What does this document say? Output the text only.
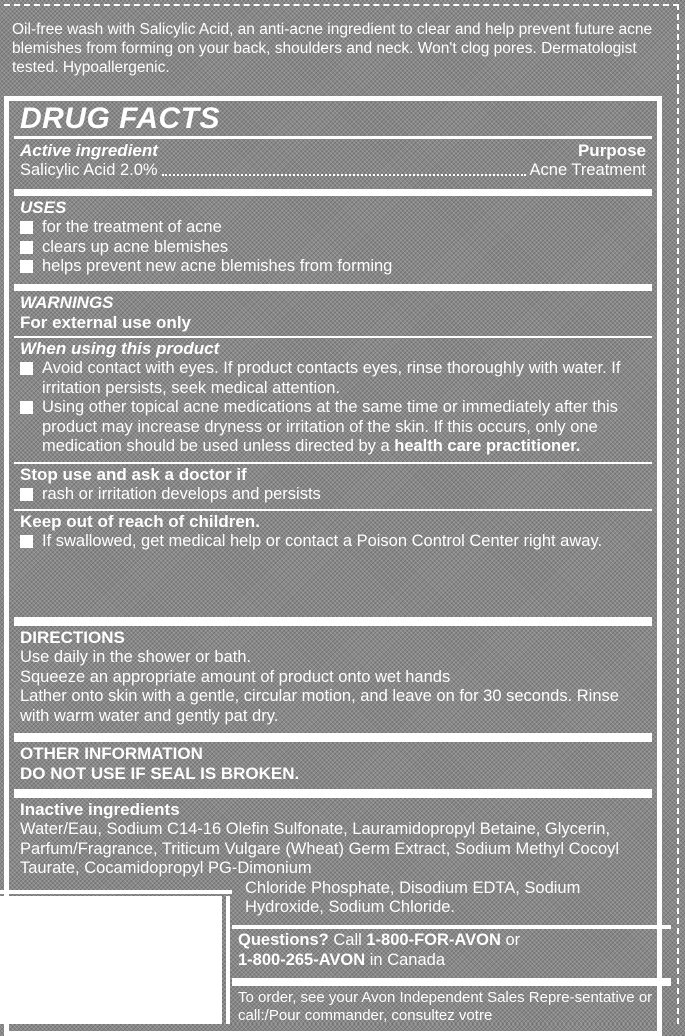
Oil-free wash with Salicylic Acid, an anti-acne ingredient to clear and help prevent future acne blemishes from forming on your back, shoulders and neck. Won't clog pores. Dermatologist tested. Hypoallergenic.
DRUG FACTS
Active ingredient	Purpose
Salicylic Acid 2.0%	Acne Treatment
USES
for the treatment of acne
clears up acne blemishes
helps prevent new acne blemishes from forming
WARNINGS
For external use only
When using this product
Avoid contact with eyes. If product contacts eyes, rinse thoroughly with water. If irritation persists, seek medical attention.
Using other topical acne medications at the same time or immediately after this product may increase dryness or irritation of the skin. If this occurs, only one medication should be used unless directed by a health care practitioner.
Stop use and ask a doctor if
rash or irritation develops and persists
Keep out of reach of children.
If swallowed, get medical help or contact a Poison Control Center right away.
DIRECTIONS
Use daily in the shower or bath.
Squeeze an appropriate amount of product onto wet hands
Lather onto skin with a gentle, circular motion, and leave on for 30 seconds. Rinse with warm water and gently pat dry.
OTHER INFORMATION
DO NOT USE IF SEAL IS BROKEN.
Inactive ingredients
Water/Eau, Sodium C14-16 Olefin Sulfonate, Lauramidopropyl Betaine, Glycerin, Parfum/Fragrance, Triticum Vulgare (Wheat) Germ Extract, Sodium Methyl Cocoyl Taurate, Cocamidopropyl PG-Dimonium
Chloride Phosphate, Disodium EDTA, Sodium Hydroxide, Sodium Chloride.
Questions? Call 1-800-FOR-AVON or
1-800-265-AVON in Canada
To order, see your Avon Independent Sales Repre-sentative or call:/Pour commander, consultez votre
